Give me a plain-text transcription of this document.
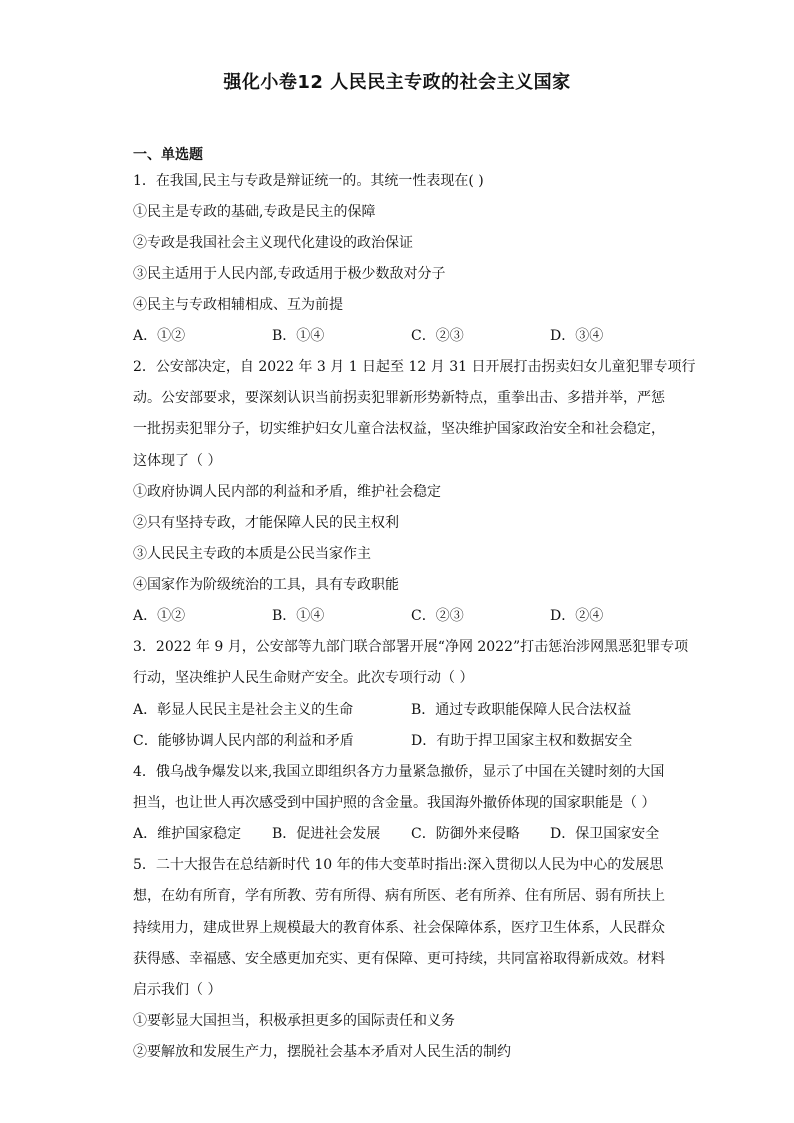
强化小卷12 人民民主专政的社会主义国家
一、单选题
1．在我国,民主与专政是辩证统一的。其统一性表现在( )
①民主是专政的基础,专政是民主的保障
②专政是我国社会主义现代化建设的政治保证
③民主适用于人民内部,专政适用于极少数敌对分子
④民主与专政相辅相成、互为前提
A．①②	B．①④	C．②③	D．③④
2．公安部决定，自 2022 年 3 月 1 日起至 12 月 31 日开展打击拐卖妇女儿童犯罪专项行
动。公安部要求，要深刻认识当前拐卖犯罪新形势新特点，重拳出击、多措并举，严惩
一批拐卖犯罪分子，切实维护妇女儿童合法权益，坚决维护国家政治安全和社会稳定，
这体现了（ ）
①政府协调人民内部的利益和矛盾，维护社会稳定
②只有坚持专政，才能保障人民的民主权利
③人民民主专政的本质是公民当家作主
④国家作为阶级统治的工具，具有专政职能
A．①②	B．①④	C．②③	D．②④
3．2022 年 9 月，公安部等九部门联合部署开展“净网 2022”打击惩治涉网黑恶犯罪专项
行动，坚决维护人民生命财产安全。此次专项行动（ ）
A．彰显人民民主是社会主义的生命	B．通过专政职能保障人民合法权益
C．能够协调人民内部的利益和矛盾	D．有助于捍卫国家主权和数据安全
4．俄乌战争爆发以来,我国立即组织各方力量紧急撤侨，显示了中国在关键时刻的大国
担当，也让世人再次感受到中国护照的含金量。我国海外撤侨体现的国家职能是（ ）
A．维护国家稳定 B．促进社会发展 C．防御外来侵略 D．保卫国家安全
5．二十大报告在总结新时代 10 年的伟大变革时指出:深入贯彻以人民为中心的发展思
想，在幼有所育，学有所教、劳有所得、病有所医、老有所养、住有所居、弱有所扶上
持续用力，建成世界上规模最大的教育体系、社会保障体系，医疗卫生体系，人民群众
获得感、幸福感、安全感更加充实、更有保障、更可持续，共同富裕取得新成效。材料
启示我们（ ）
①要彰显大国担当，积极承担更多的国际责任和义务
②要解放和发展生产力，摆脱社会基本矛盾对人民生活的制约
